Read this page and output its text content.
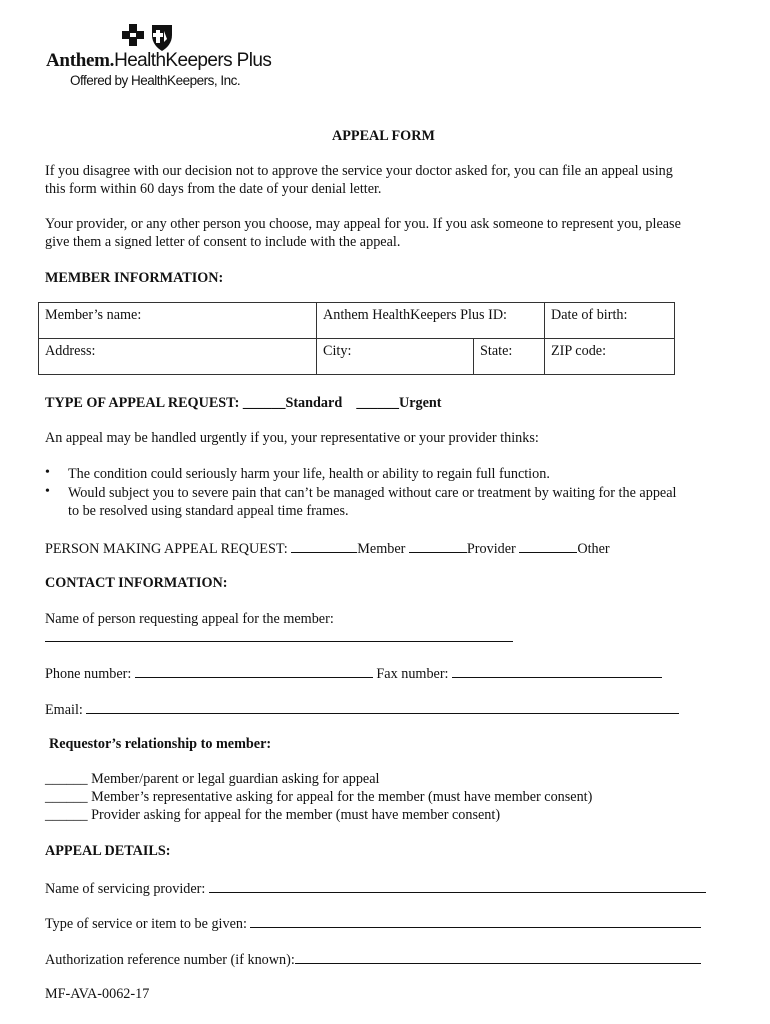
Anthem.HealthKeepers Plus
Offered by HealthKeepers, Inc.
APPEAL FORM
If you disagree with our decision not to approve the service your doctor asked for, you can file an appeal using
this form within 60 days from the date of your denial letter.
Your provider, or any other person you choose, may appeal for you. If you ask someone to represent you, please
give them a signed letter of consent to include with the appeal.
MEMBER INFORMATION:
Member’s name:	Anthem HealthKeepers Plus ID:		Date of birth:
Address:	City:	State:	ZIP code:
TYPE OF APPEAL REQUEST: ______Standard ______Urgent
An appeal may be handled urgently if you, your representative or your provider thinks:
• The condition could seriously harm your life, health or ability to regain full function.
• Would subject you to severe pain that can’t be managed without care or treatment by waiting for the appeal
to be resolved using standard appeal time frames.
PERSON MAKING APPEAL REQUEST:	Member	Provider	Other
CONTACT INFORMATION:
Name of person requesting appeal for the member:
Phone number:	Fax number:
Email:
Requestor’s relationship to member:
______ Member/parent or legal guardian asking for appeal
______ Member’s representative asking for appeal for the member (must have member consent)
______ Provider asking for appeal for the member (must have member consent)
APPEAL DETAILS:
Name of servicing provider:
Type of service or item to be given:
Authorization reference number (if known):
MF-AVA-0062-17
